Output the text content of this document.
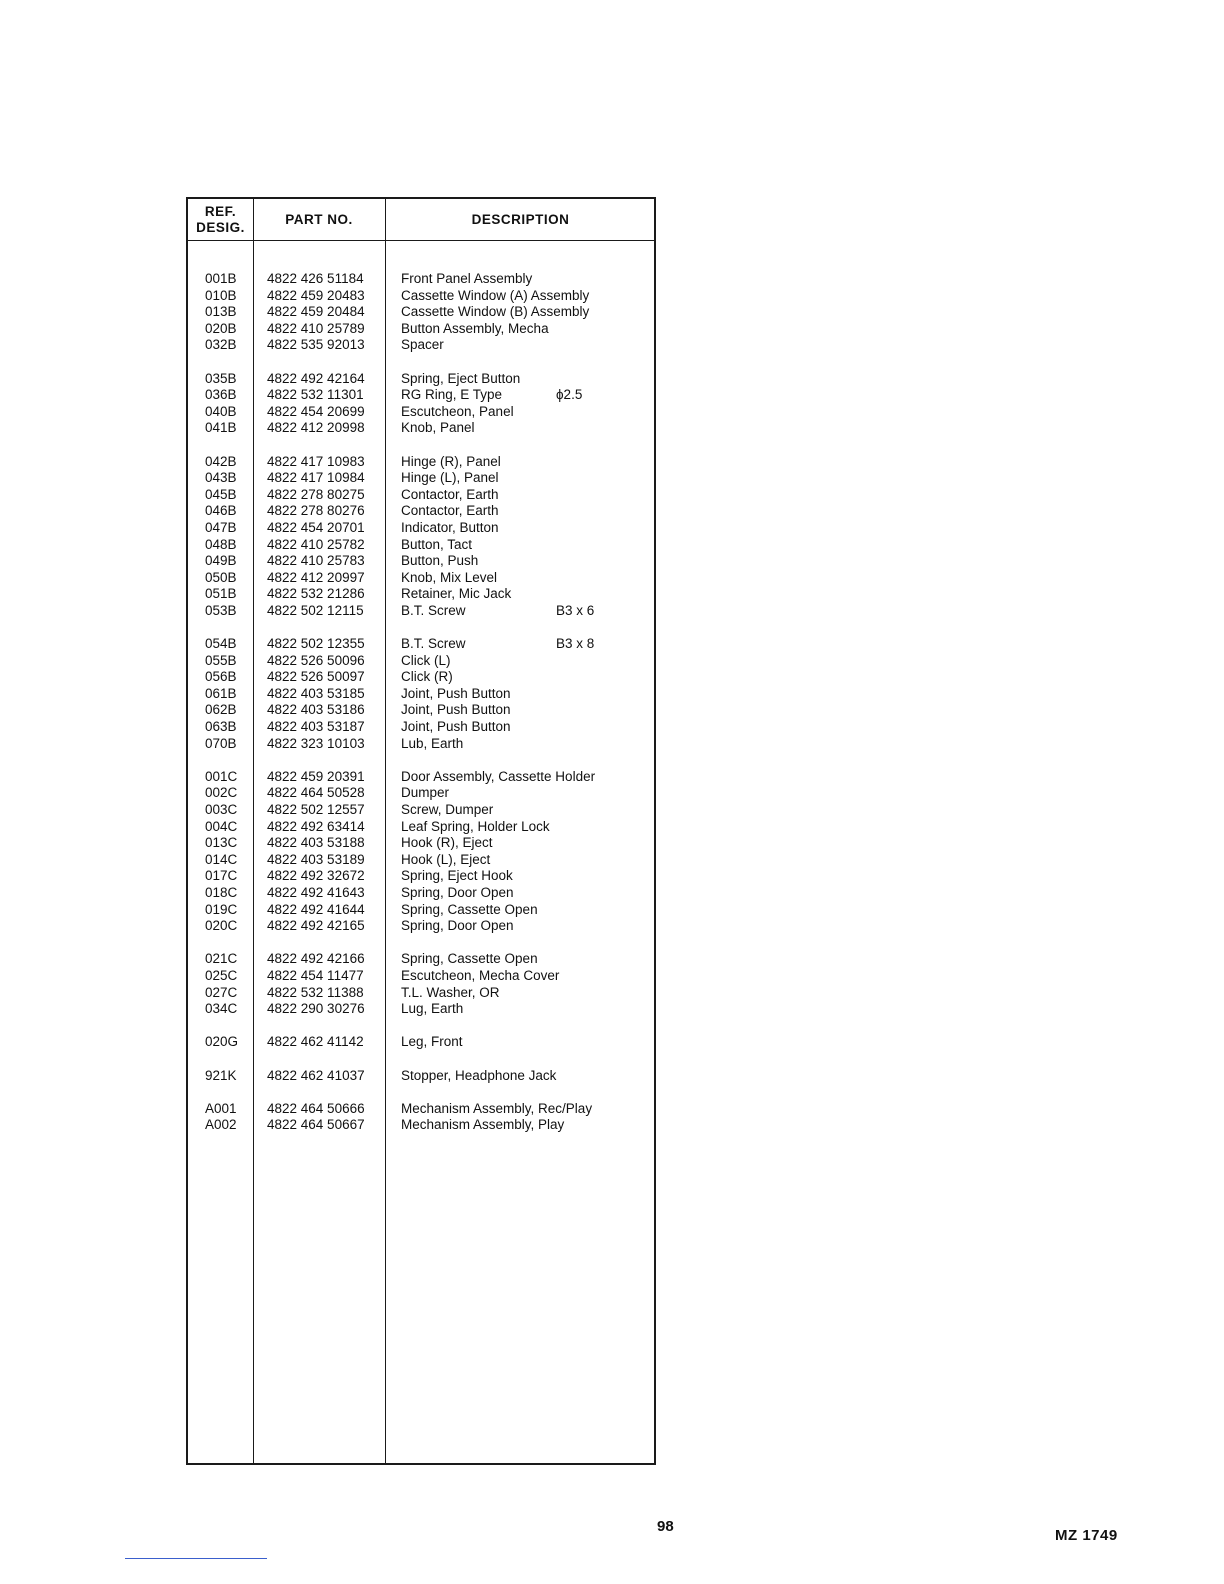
REF.
DESIG.
PART NO.	DESCRIPTION
001B 4822 426 51184	Front Panel Assembly
010B 4822 459 20483	Cassette Window (A) Assembly
013B 4822 459 20484	Cassette Window (B) Assembly
020B 4822 410 25789	Button Assembly, Mecha
032B 4822 535 92013	Spacer
035B 4822 492 42164	Spring, Eject Button
036B 4822 532 11301	RG Ring, E Type	ϕ2.5
040B 4822 454 20699	Escutcheon, Panel
041B 4822 412 20998	Knob, Panel
042B 4822 417 10983	Hinge (R), Panel
043B 4822 417 10984	Hinge (L), Panel
045B 4822 278 80275	Contactor, Earth
046B 4822 278 80276	Contactor, Earth
047B 4822 454 20701	Indicator, Button
048B 4822 410 25782	Button, Tact
049B 4822 410 25783	Button, Push
050B 4822 412 20997	Knob, Mix Level
051B 4822 532 21286	Retainer, Mic Jack
053B 4822 502 12115	B.T. Screw	B3 x 6
054B 4822 502 12355	B.T. Screw	B3 x 8
055B 4822 526 50096	Click (L)
056B 4822 526 50097	Click (R)
061B 4822 403 53185	Joint, Push Button
062B 4822 403 53186	Joint, Push Button
063B 4822 403 53187	Joint, Push Button
070B 4822 323 10103	Lub, Earth
001C 4822 459 20391	Door Assembly, Cassette Holder
002C 4822 464 50528	Dumper
003C 4822 502 12557	Screw, Dumper
004C 4822 492 63414	Leaf Spring, Holder Lock
013C 4822 403 53188	Hook (R), Eject
014C 4822 403 53189	Hook (L), Eject
017C 4822 492 32672	Spring, Eject Hook
018C 4822 492 41643	Spring, Door Open
019C 4822 492 41644	Spring, Cassette Open
020C 4822 492 42165	Spring, Door Open
021C 4822 492 42166	Spring, Cassette Open
025C 4822 454 11477	Escutcheon, Mecha Cover
027C 4822 532 11388	T.L. Washer, OR
034C 4822 290 30276	Lug, Earth
020G 4822 462 41142	Leg, Front
921K 4822 462 41037	Stopper, Headphone Jack
A001 4822 464 50666	Mechanism Assembly, Rec/Play
A002 4822 464 50667	Mechanism Assembly, Play
98
MZ 1749
